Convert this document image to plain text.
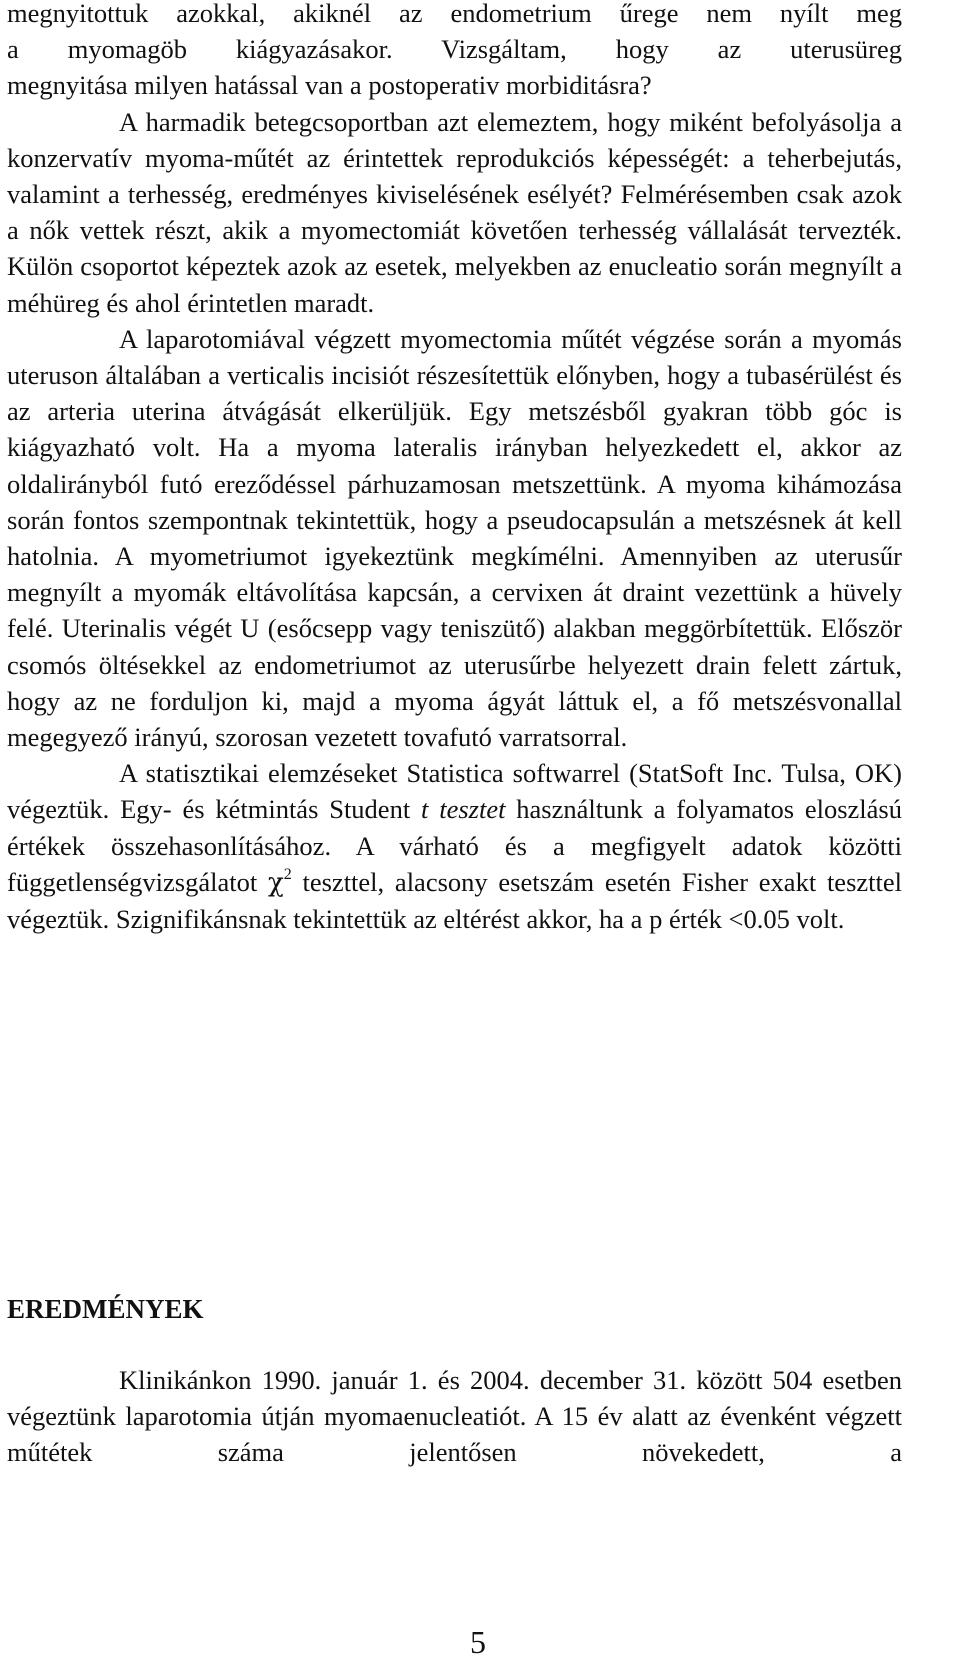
megnyitottuk azokkal, akiknél az endometrium űrege nem nyílt meg

a myomagöb kiágyazásakor. Vizsgáltam, hogy az uterusüreg

megnyitása milyen hatással van a postoperativ morbiditásra?

A harmadik betegcsoportban azt elemeztem, hogy miként befolyásolja a konzervatív myoma-műtét az érintettek reprodukciós képességét: a teherbejutás, valamint a terhesség, eredményes kiviselésének esélyét? Felmérésemben csak azok a nők vettek részt, akik a myomectomiát követően terhesség vállalását tervezték. Külön csoportot képeztek azok az esetek, melyekben az enucleatio során megnyílt a méhüreg és ahol érintetlen maradt.

A laparotomiával végzett myomectomia műtét végzése során a myomás uteruson általában a verticalis incisiót részesítettük előnyben, hogy a tubasérülést és az arteria uterina átvágását elkerüljük. Egy metszésből gyakran több góc is kiágyazható volt. Ha a myoma lateralis irányban helyezkedett el, akkor az oldalirányból futó ereződéssel párhuzamosan metszettünk. A myoma kihámozása során fontos szempontnak tekintettük, hogy a pseudocapsulán a metszésnek át kell hatolnia. A myometriumot igyekeztünk megkímélni. Amennyiben az uterusűr megnyílt a myomák eltávolítása kapcsán, a cervixen át draint vezettünk a hüvely felé. Uterinalis végét U (esőcsepp vagy teniszütő) alakban meggörbítettük. Először csomós öltésekkel az endometriumot az uterusűrbe helyezett drain felett zártuk, hogy az ne forduljon ki, majd a myoma ágyát láttuk el, a fő metszésvonallal megegyező irányú, szorosan vezetett tovafutó varratsorral.

A statisztikai elemzéseket Statistica softwarrel (StatSoft Inc. Tulsa, OK) végeztük. Egy- és kétmintás Student t tesztet használtunk a folyamatos eloszlású értékek összehasonlításához. A várható és a megfigyelt adatok közötti függetlenségvizsgálatot $\chi^2$ teszttel, alacsony esetszám esetén Fisher exakt teszttel végeztük. Szignifikánsnak tekintettük az eltérést akkor, ha a p érték <0.05 volt.

EREDMÉNYEK

Klinikánkon 1990. január 1. és 2004. december 31. között 504 esetben végeztünk laparotomia útján myomaenucleatiót. A 15 év alatt az évenként végzett műtétek száma jelentősen növekedett, a

5
